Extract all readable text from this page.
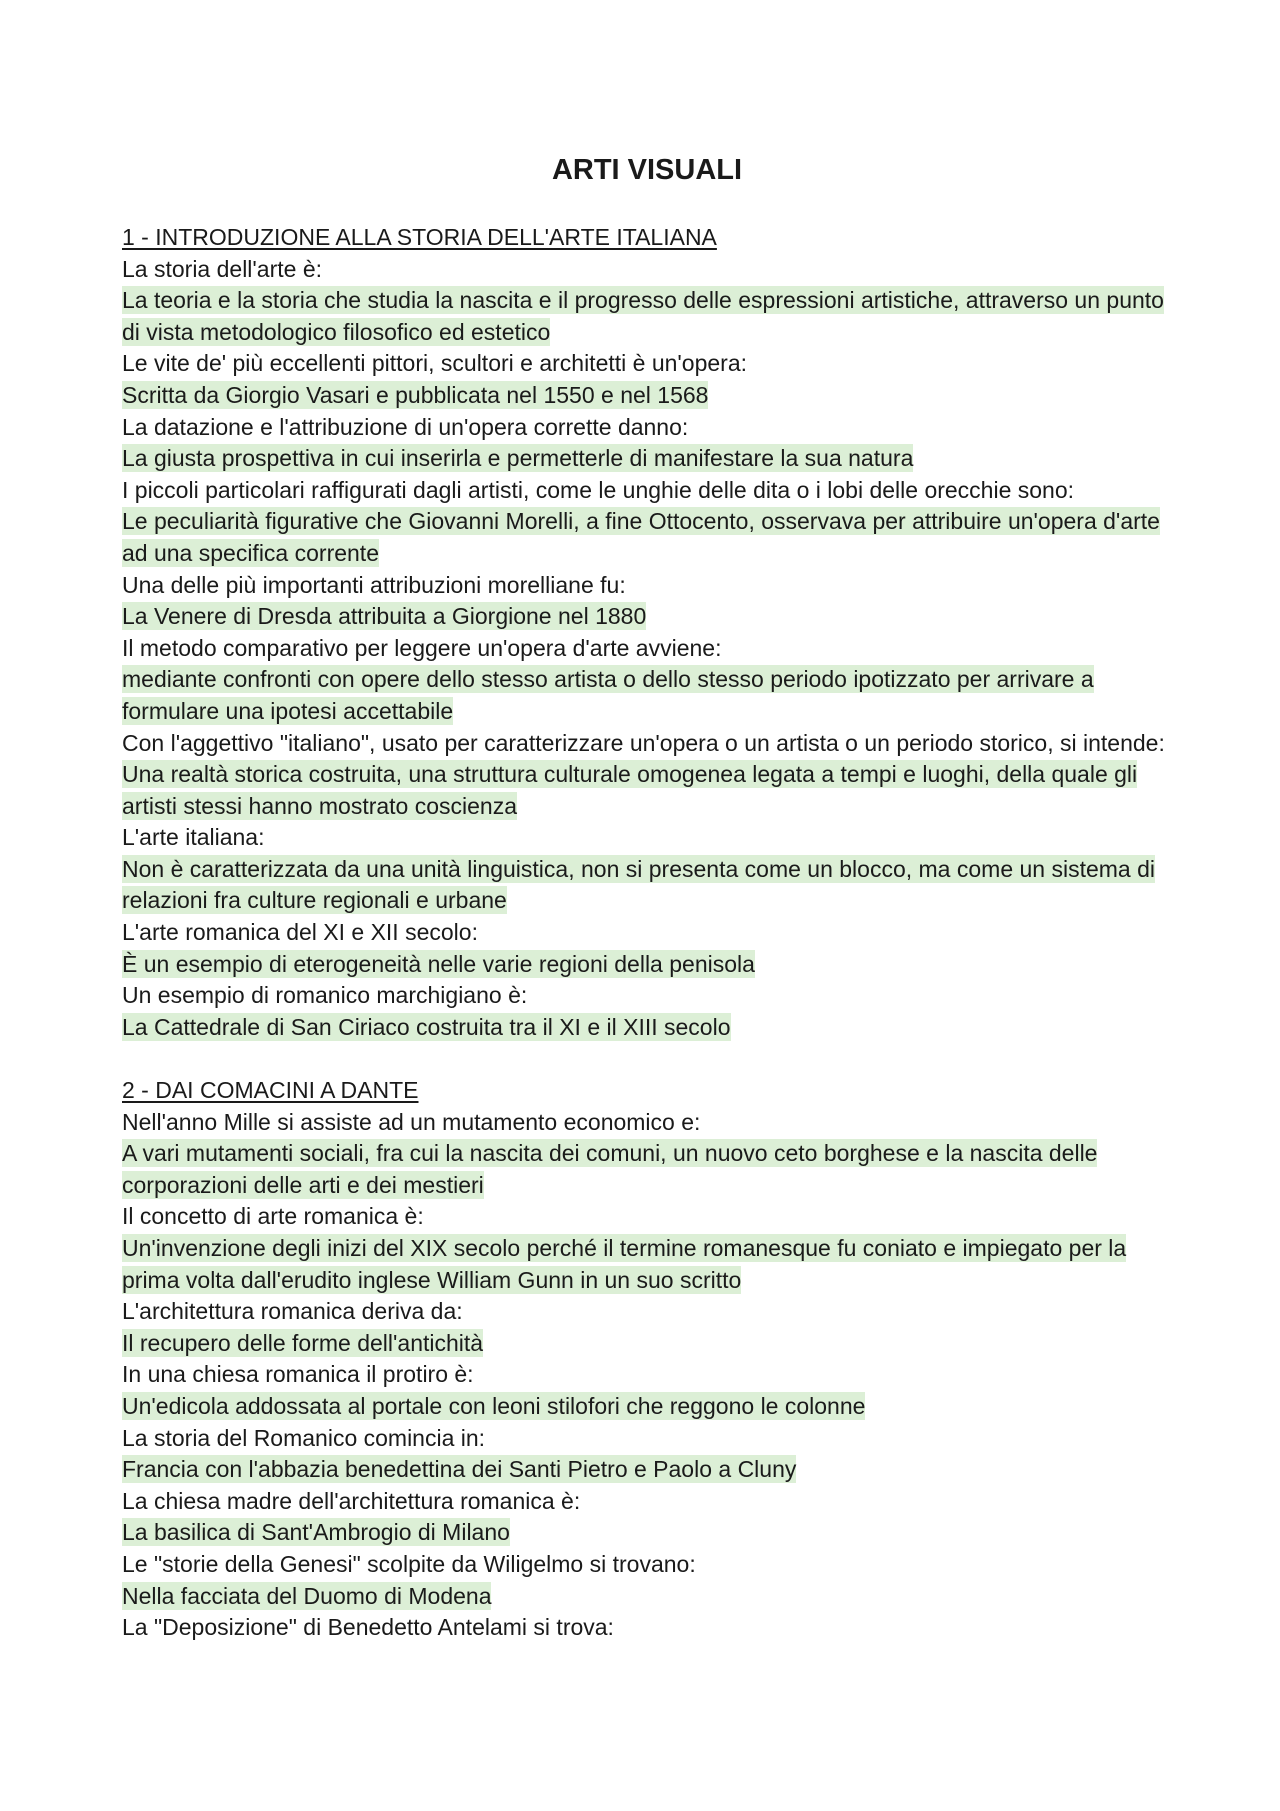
ARTI VISUALI
1 - INTRODUZIONE ALLA STORIA DELL'ARTE ITALIANA

La storia dell'arte è:

La teoria e la storia che studia la nascita e il progresso delle espressioni artistiche, attraverso un punto di vista metodologico filosofico ed estetico

Le vite de' più eccellenti pittori, scultori e architetti è un'opera:

Scritta da Giorgio Vasari e pubblicata nel 1550 e nel 1568

La datazione e l'attribuzione di un'opera corrette danno:

La giusta prospettiva in cui inserirla e permetterle di manifestare la sua natura

I piccoli particolari raffigurati dagli artisti, come le unghie delle dita o i lobi delle orecchie sono:

Le peculiarità figurative che Giovanni Morelli, a fine Ottocento, osservava per attribuire un'opera d'arte ad una specifica corrente

Una delle più importanti attribuzioni morelliane fu:

La Venere di Dresda attribuita a Giorgione nel 1880

Il metodo comparativo per leggere un'opera d'arte avviene:

mediante confronti con opere dello stesso artista o dello stesso periodo ipotizzato per arrivare a formulare una ipotesi accettabile

Con l'aggettivo "italiano", usato per caratterizzare un'opera o un artista o un periodo storico, si intende:

Una realtà storica costruita, una struttura culturale omogenea legata a tempi e luoghi, della quale gli artisti stessi hanno mostrato coscienza

L'arte italiana:

Non è caratterizzata da una unità linguistica, non si presenta come un blocco, ma come un sistema di relazioni fra culture regionali e urbane

L'arte romanica del XI e XII secolo:

È un esempio di eterogeneità nelle varie regioni della penisola

Un esempio di romanico marchigiano è:

La Cattedrale di San Ciriaco costruita tra il XI e il XIII secolo

2 - DAI COMACINI A DANTE

Nell'anno Mille si assiste ad un mutamento economico e:

A vari mutamenti sociali, fra cui la nascita dei comuni, un nuovo ceto borghese e la nascita delle corporazioni delle arti e dei mestieri

Il concetto di arte romanica è:

Un'invenzione degli inizi del XIX secolo perché il termine romanesque fu coniato e impiegato per la prima volta dall'erudito inglese William Gunn in un suo scritto

L'architettura romanica deriva da:

Il recupero delle forme dell'antichità

In una chiesa romanica il protiro è:

Un'edicola addossata al portale con leoni stilofori che reggono le colonne

La storia del Romanico comincia in:

Francia con l'abbazia benedettina dei Santi Pietro e Paolo a Cluny

La chiesa madre dell'architettura romanica è:

La basilica di Sant'Ambrogio di Milano

Le "storie della Genesi" scolpite da Wiligelmo si trovano:

Nella facciata del Duomo di Modena

La "Deposizione" di Benedetto Antelami si trova:
